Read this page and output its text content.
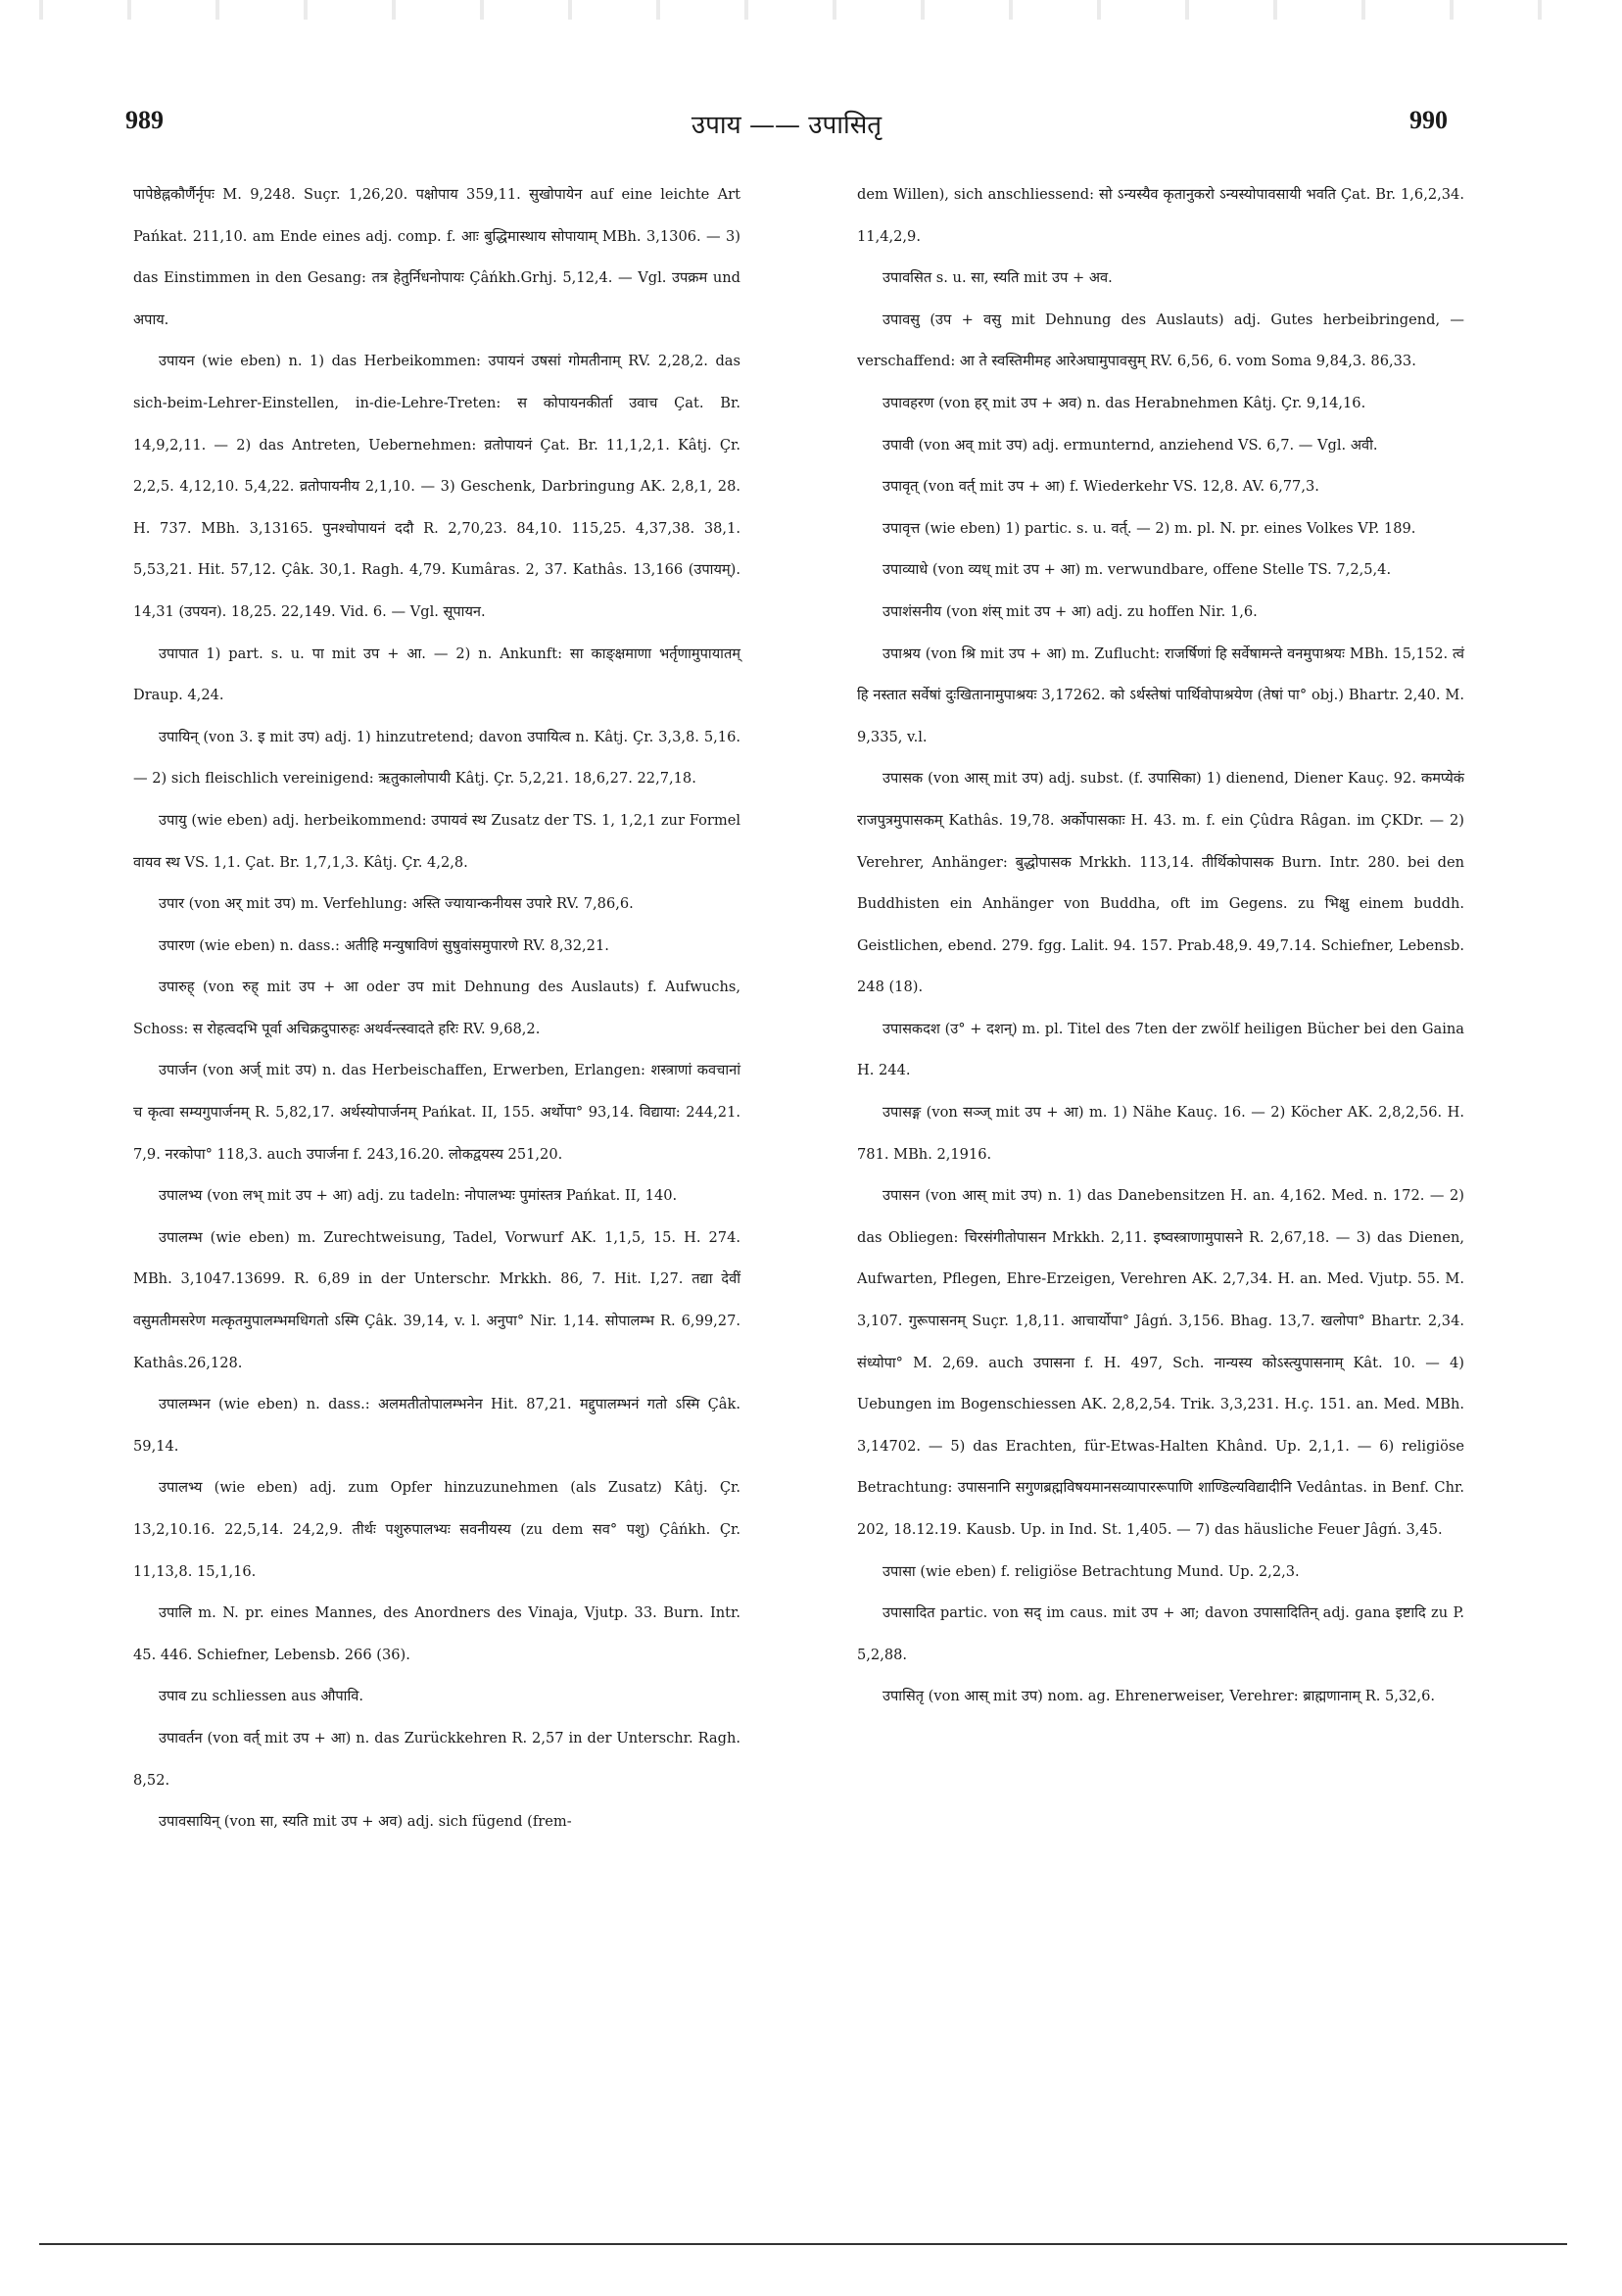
उपाय —— उपासितृ
989	990

पापेष्ठेह्नकौर्णैर्नृपः M. 9,248. Suçr. 1,26,20. पक्षोपाय 359,11. सुखोपायेन auf eine leichte Art Pańkat. 211,10. am Ende eines adj. comp. f. आः बुद्धिमास्थाय सोपायाम् MBh. 3,1306. — 3) das Einstimmen in den Gesang: तत्र हेतुर्निधनोपायः Çâńkh.Grhj. 5,12,4. — Vgl. उपक्रम und अपाय.

उपायन (wie eben) n. 1) das Herbeikommen: उपायनं उषसां गोमतीनाम् RV. 2,28,2. das sich-beim-Lehrer-Einstellen, in-die-Lehre-Treten: स कोपायनकीर्ता उवाच Çat. Br. 14,9,2,11. — 2) das Antreten, Uebernehmen: व्रतोपायनं Çat. Br. 11,1,2,1. Kâtj. Çr. 2,2,5. 4,12,10. 5,4,22. व्रतोपायनीय 2,1,10. — 3) Geschenk, Darbringung AK. 2,8,1, 28. H. 737. MBh. 3,13165. पुनश्चोपायनं ददौ R. 2,70,23. 84,10. 115,25. 4,37,38. 38,1. 5,53,21. Hit. 57,12. Çâk. 30,1. Ragh. 4,79. Kumâras. 2, 37. Kathâs. 13,166 (उपायम्). 14,31 (उपयन). 18,25. 22,149. Vid. 6. — Vgl. सूपायन.

उपापात 1) part. s. u. पा mit उप + आ. — 2) n. Ankunft: सा काङ्क्षमाणा भर्तृणामुपायातम् Draup. 4,24.

उपायिन् (von 3. इ mit उप) adj. 1) hinzutretend; davon उपायित्व n. Kâtj. Çr. 3,3,8. 5,16. — 2) sich fleischlich vereinigend: ऋतुकालोपायी Kâtj. Çr. 5,2,21. 18,6,27. 22,7,18.

उपायु (wie eben) adj. herbeikommend: उपायवं स्थ Zusatz der TS. 1, 1,2,1 zur Formel वायव स्थ VS. 1,1. Çat. Br. 1,7,1,3. Kâtj. Çr. 4,2,8.

उपार (von अर् mit उप) m. Verfehlung: अस्ति ज्यायान्कनीयस उपारे RV. 7,86,6.

उपारण (wie eben) n. dass.: अतीहि मन्युषाविणं सुषुवांसमुपारणे RV. 8,32,21.

उपारुह् (von रुह् mit उप + आ oder उप mit Dehnung des Auslauts) f. Aufwuchs, Schoss: स रोहत्वदभि पूर्वा अचिक्रदुपारुहः अथर्वन्त्स्वादते हरिः RV. 9,68,2.

उपार्जन (von अर्ज् mit उप) n. das Herbeischaffen, Erwerben, Erlangen: शस्त्राणां कवचानां च कृत्वा सम्यगुपार्जनम् R. 5,82,17. अर्थस्योपार्जनम् Pańkat. II, 155. अर्थोपा° 93,14. विद्याया: 244,21. 7,9. नरकोपा° 118,3. auch उपार्जना f. 243,16.20. लोकद्वयस्य 251,20.

उपालभ्य (von लभ् mit उप + आ) adj. zu tadeln: नोपालभ्यः पुमांस्तत्र Pańkat. II, 140.

उपालम्भ (wie eben) m. Zurechtweisung, Tadel, Vorwurf AK. 1,1,5, 15. H. 274. MBh. 3,1047.13699. R. 6,89 in der Unterschr. Mrkkh. 86, 7. Hit. I,27. तद्या देवीं वसुमतीमसरेण मत्कृतमुपालम्भमधिगतो ऽस्मि Çâk. 39,14, v. l. अनुपा° Nir. 1,14. सोपालम्भ R. 6,99,27. Kathâs.26,128.

उपालम्भन (wie eben) n. dass.: अलमतीतोपालम्भनेन Hit. 87,21. मद्दुपालम्भनं गतो ऽस्मि Çâk. 59,14.

उपालभ्य (wie eben) adj. zum Opfer hinzuzunehmen (als Zusatz) Kâtj. Çr. 13,2,10.16. 22,5,14. 24,2,9. तीर्थः पशुरुपालभ्यः सवनीयस्य (zu dem सव° पशु) Çâńkh. Çr. 11,13,8. 15,1,16.

उपालि m. N. pr. eines Mannes, des Anordners des Vinaja, Vjutp. 33. Burn. Intr. 45. 446. Schiefner, Lebensb. 266 (36).

उपाव zu schliessen aus औपावि.

उपावर्तन (von वर्त् mit उप + आ) n. das Zurückkehren R. 2,57 in der Unterschr. Ragh. 8,52.

उपावसायिन् (von सा, स्यति mit उप + अव) adj. sich fügend (frem-

dem Willen), sich anschliessend: सो ऽन्यस्यैव कृतानुकरो ऽन्यस्योपावसायी भवति Çat. Br. 1,6,2,34. 11,4,2,9.

उपावसित s. u. सा, स्यति mit उप + अव.

उपावसु (उप + वसु mit Dehnung des Auslauts) adj. Gutes herbeibringend, — verschaffend: आ ते स्वस्तिमीमह आरेअघामुपावसुम् RV. 6,56, 6. vom Soma 9,84,3. 86,33.

उपावहरण (von हर् mit उप + अव) n. das Herabnehmen Kâtj. Çr. 9,14,16.

उपावी (von अव् mit उप) adj. ermunternd, anziehend VS. 6,7. — Vgl. अवी.

उपावृत् (von वर्त् mit उप + आ) f. Wiederkehr VS. 12,8. AV. 6,77,3.

उपावृत्त (wie eben) 1) partic. s. u. वर्त्. — 2) m. pl. N. pr. eines Volkes VP. 189.

उपाव्याधे (von व्यध् mit उप + आ) m. verwundbare, offene Stelle TS. 7,2,5,4.

उपाशंसनीय (von शंस् mit उप + आ) adj. zu hoffen Nir. 1,6.

उपाश्रय (von श्रि mit उप + आ) m. Zuflucht: राजर्षिणां हि सर्वेषामन्ते वनमुपाश्रयः MBh. 15,152. त्वं हि नस्तात सर्वेषां दुःखितानामुपाश्रयः 3,17262. को ऽर्थस्तेषां पार्थिवोपाश्रयेण (तेषां पा° obj.) Bhartr. 2,40. M. 9,335, v.l.

उपासक (von आस् mit उप) adj. subst. (f. उपासिका) 1) dienend, Diener Kauç. 92. कमप्येकं राजपुत्रमुपासकम् Kathâs. 19,78. अर्कोपासकाः H. 43. m. f. ein Çûdra Râgan. im ÇKDr. — 2) Verehrer, Anhänger: बुद्धोपासक Mrkkh. 113,14. तीर्थिकोपासक Burn. Intr. 280. bei den Buddhisten ein Anhänger von Buddha, oft im Gegens. zu भिक्षु einem buddh. Geistlichen, ebend. 279. fgg. Lalit. 94. 157. Prab.48,9. 49,7.14. Schiefner, Lebensb. 248 (18).

उपासकदश (उ° + दशन्) m. pl. Titel des 7ten der zwölf heiligen Bücher bei den Gaina H. 244.

उपासङ्ग (von सञ्ज् mit उप + आ) m. 1) Nähe Kauç. 16. — 2) Köcher AK. 2,8,2,56. H. 781. MBh. 2,1916.

उपासन (von आस् mit उप) n. 1) das Danebensitzen H. an. 4,162. Med. n. 172. — 2) das Obliegen: चिरसंगीतोपासन Mrkkh. 2,11. इष्वस्त्राणामुपासने R. 2,67,18. — 3) das Dienen, Aufwarten, Pflegen, Ehre-Erzeigen, Verehren AK. 2,7,34. H. an. Med. Vjutp. 55. M. 3,107. गुरूपासनम् Suçr. 1,8,11. आचार्योपा° Jâgń. 3,156. Bhag. 13,7. खलोपा° Bhartr. 2,34. संध्योपा° M. 2,69. auch उपासना f. H. 497, Sch. नान्यस्य कोऽस्त्युपासनाम् Kât. 10. — 4) Uebungen im Bogenschiessen AK. 2,8,2,54. Trik. 3,3,231. H.ç. 151. an. Med. MBh. 3,14702. — 5) das Erachten, für-Etwas-Halten Khând. Up. 2,1,1. — 6) religiöse Betrachtung: उपासनानि सगुणब्रह्मविषयमानसव्यापाररूपाणि शाण्डिल्यविद्यादीनि Vedântas. in Benf. Chr. 202, 18.12.19. Kausb. Up. in Ind. St. 1,405. — 7) das häusliche Feuer Jâgń. 3,45.

उपासा (wie eben) f. religiöse Betrachtung Mund. Up. 2,2,3.

उपासादित partic. von सद् im caus. mit उप + आ; davon उपासादितिन् adj. gana इष्टादि zu P. 5,2,88.

उपासितृ (von आस् mit उप) nom. ag. Ehrenerweiser, Verehrer: ब्राह्मणानाम् R. 5,32,6.
